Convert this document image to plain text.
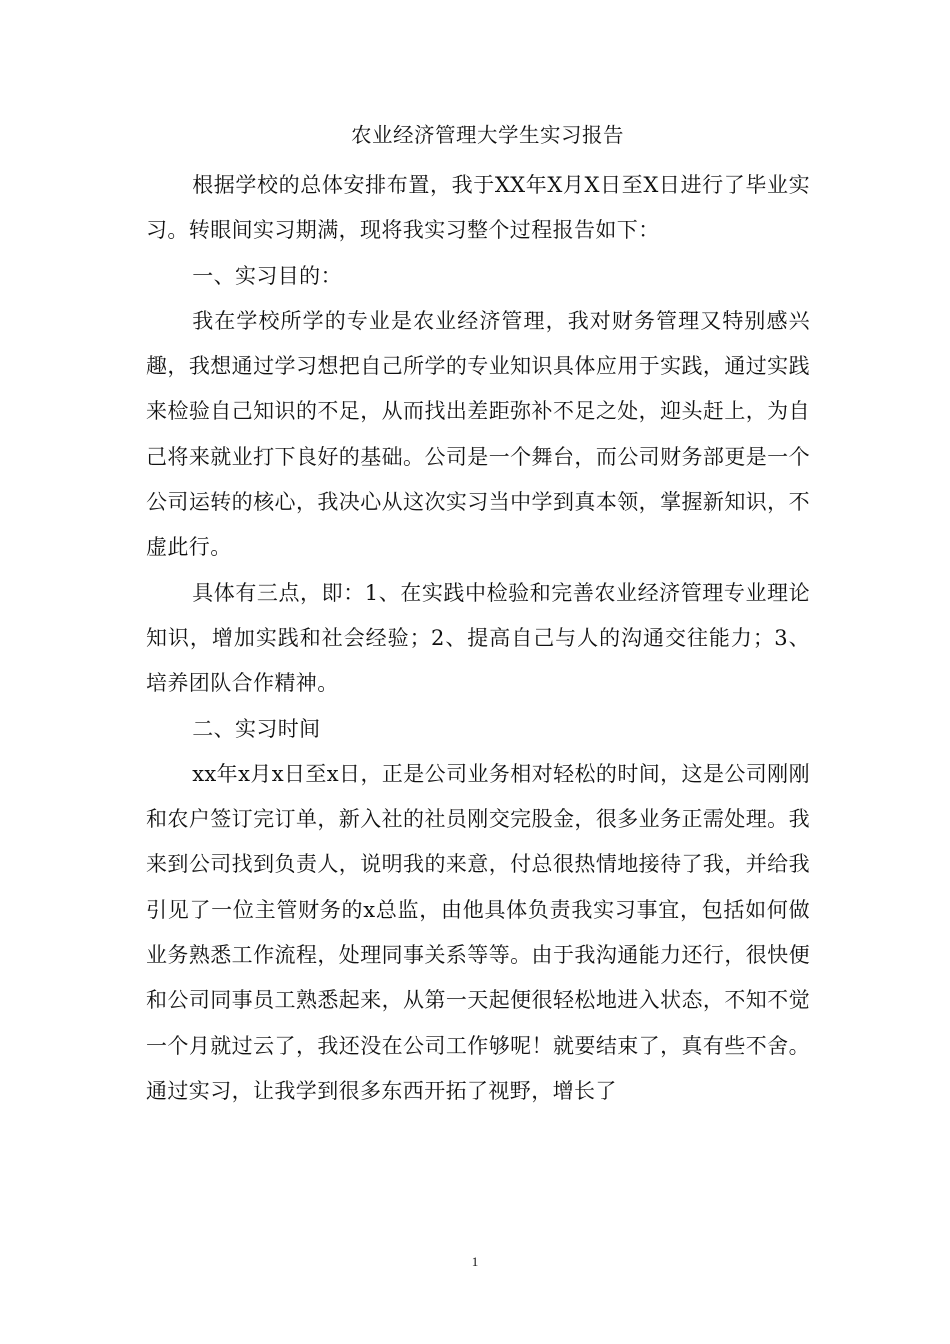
农业经济管理大学生实习报告

根据学校的总体安排布置，我于XX年X月X日至X日进行了毕业实习。转眼间实习期满，现将我实习整个过程报告如下：

一、实习目的：

我在学校所学的专业是农业经济管理，我对财务管理又特别感兴趣，我想通过学习想把自己所学的专业知识具体应用于实践，通过实践来检验自己知识的不足，从而找出差距弥补不足之处，迎头赶上，为自己将来就业打下良好的基础。公司是一个舞台，而公司财务部更是一个公司运转的核心，我决心从这次实习当中学到真本领，掌握新知识，不虚此行。

具体有三点，即：1、在实践中检验和完善农业经济管理专业理论知识，增加实践和社会经验；2、提高自己与人的沟通交往能力；3、培养团队合作精神。

二、实习时间

xx年x月x日至x日，正是公司业务相对轻松的时间，这是公司刚刚和农户签订完订单，新入社的社员刚交完股金，很多业务正需处理。我来到公司找到负责人，说明我的来意，付总很热情地接待了我，并给我引见了一位主管财务的x总监，由他具体负责我实习事宜，包括如何做业务熟悉工作流程，处理同事关系等等。由于我沟通能力还行，很快便和公司同事员工熟悉起来，从第一天起便很轻松地进入状态，不知不觉一个月就过云了，我还没在公司工作够呢！就要结束了，真有些不舍。通过实习，让我学到很多东西开拓了视野，增长了

1
